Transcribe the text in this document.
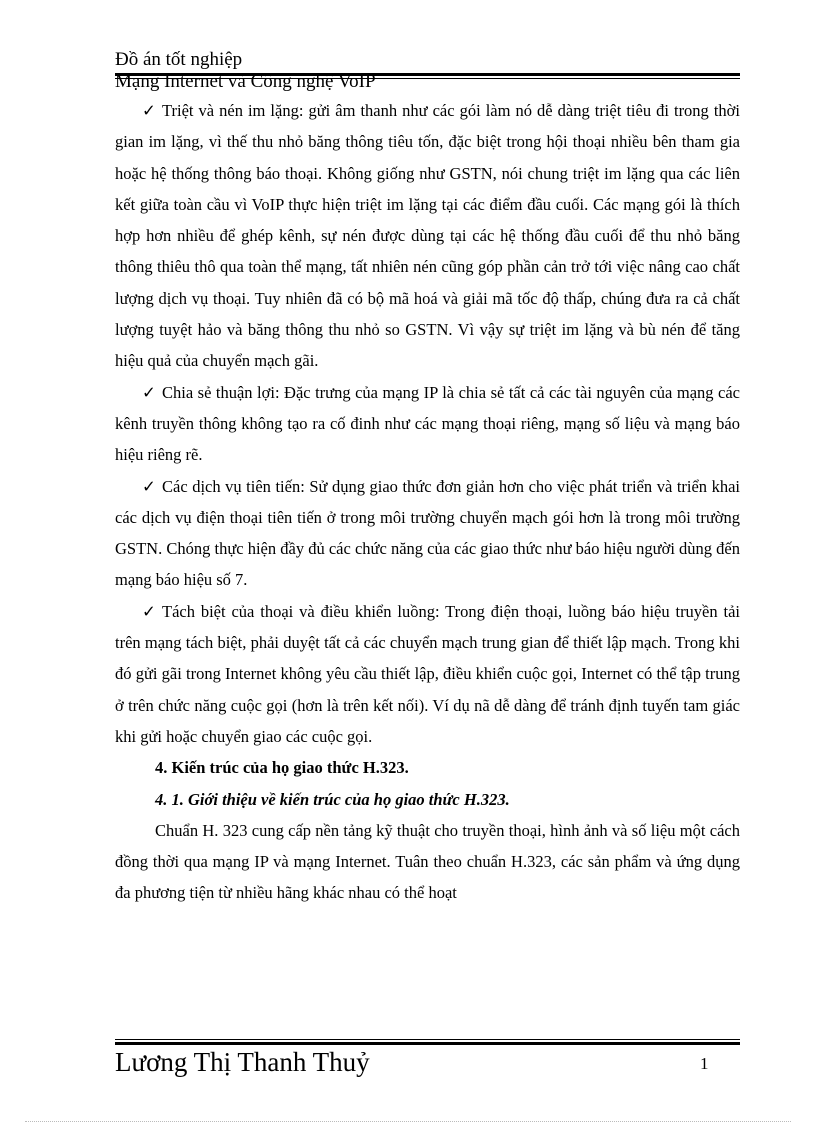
Đồ án tốt nghiệp
Mạng Internet và Công nghệ VoIP

✓ Triệt và nén im lặng: gửi âm thanh như các gói làm nó dễ dàng triệt tiêu đi trong thời gian im lặng, vì thế thu nhỏ băng thông tiêu tốn, đặc biệt trong hội thoại nhiều bên tham gia hoặc hệ thống thông báo thoại. Không giống như GSTN, nói chung triệt im lặng qua các liên kết giữa toàn cầu vì VoIP thực hiện triệt im lặng tại các điểm đầu cuối. Các mạng gói là thích hợp hơn nhiều để ghép kênh, sự nén được dùng tại các hệ thống đầu cuối để thu nhỏ băng thông thiêu thô qua toàn thể mạng, tất nhiên nén cũng góp phần cản trở tới việc nâng cao chất lượng dịch vụ thoại. Tuy nhiên đã có bộ mã hoá và giải mã tốc độ thấp, chúng đưa ra cả chất lượng tuyệt hảo và băng thông thu nhỏ so GSTN. Vì vậy sự triệt im lặng và bù nén để tăng hiệu quả của chuyển mạch gãi.

✓ Chia sẻ thuận lợi: Đặc trưng của mạng IP là chia sẻ tất cả các tài nguyên của mạng các kênh truyền thông không tạo ra cố đinh như các mạng thoại riêng, mạng số liệu và mạng báo hiệu riêng rẽ.

✓ Các dịch vụ tiên tiến: Sử dụng giao thức đơn giản hơn cho việc phát triển và triển khai các dịch vụ điện thoại tiên tiến ở trong môi trường chuyển mạch gói hơn là trong môi trường GSTN. Chóng thực hiện đầy đủ các chức năng của các giao thức như báo hiệu người dùng đến mạng báo hiệu số 7.

✓ Tách biệt của thoại và điều khiển luồng: Trong điện thoại, luồng báo hiệu truyền tải trên mạng tách biệt, phải duyệt tất cả các chuyển mạch trung gian để thiết lập mạch. Trong khi đó gửi gãi trong Internet không yêu cầu thiết lập, điều khiển cuộc gọi, Internet có thể tập trung ở trên chức năng cuộc gọi (hơn là trên kết nối). Ví dụ nã dễ dàng để tránh định tuyến tam giác khi gửi hoặc chuyển giao các cuộc gọi.

4. Kiến trúc của họ giao thức H.323.

4. 1. Giới thiệu về kiến trúc của họ giao thức H.323.

Chuẩn H. 323 cung cấp nền tảng kỹ thuật cho truyền thoại, hình ảnh và số liệu một cách đồng thời qua mạng IP và mạng Internet. Tuân theo chuẩn H.323, các sản phẩm và ứng dụng đa phương tiện từ nhiều hãng khác nhau có thể hoạt

Lương Thị Thanh Thuỷ	1
